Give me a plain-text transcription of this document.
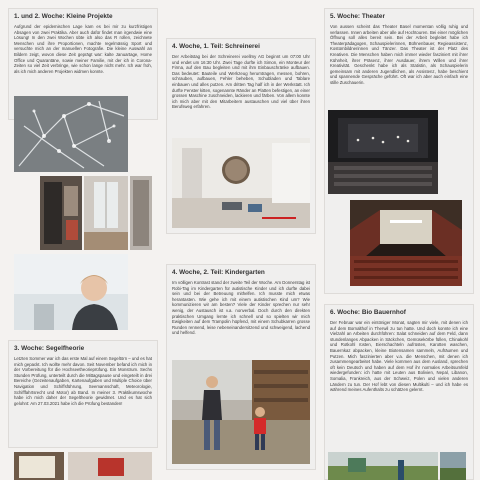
1. und 2. Woche: Kleine Projekte

Aufgrund der epidemischen Lage kam es bei mir zu kurzfristigen Absagen von zwei Praktika. Aber auch dafür findet man irgendwie eine Lösung! In den zwei Wochen übte ich also das R rollen, zeichnete Menschen und ihre Proportionen, machte regelmässig Sport und versuchte mich an der manuellen Fotografie. Die kleine Auswahl an Bildern zeigt, wovon diese Zeit geprägt war: kalte Januartage, Home Office und Quarantäne, sowie meiner Familie, mit der ich in Corona-Zeiten so viel Zeit verbringe, wie schon lange nicht mehr. Ich war froh, als ich mich anderen Projekten widmen konnte.

3. Woche: Segelfheorie

Letzten Sommer war ich das erste Mal auf einem Segeltörn – und es hat mich gepackt. Ich wollte mehr davon. Seit November befand ich mich in der Vorbereitung für die Hochseetheorieprüfung. Ein Monstrum. Sechs Stunden Prüfung, unterteilt durch die Mittagspause und eingeteilt in drei Bereiche (Gezeitenaufgaben, Kartenaufgaben und Multiple Choice über Navigation und Schiffsführung, Seemannschaft, Meteorologie, Schifffahrtsrecht und Motor) ab Band. In meiner 3. Praktikumswoche habe ich mich daher der Segeltheorie gewidmet. Und es hat sich gelohnt: Am 27.03.2021 habe ich die Prüfung bestanden!

4. Woche, 1. Teil: Schreinerei

Der Arbeitstag bei der Schreinerei voellmy AG beginnt um 07:00 Uhr und endet um 16:30 Uhr. Zwei Tage durfte ich Simon, ein Monteur der Firma, auf den Bau begleiten und mit ihm Einbauschränke aufbauen. Das bedeutet: Bauteile und Werkzeug herumtragen, messen, bohren, schrauben, aufbauen, Fehler beheben, Schubladen und Tablare einbauen und alles putzen. Am dritten Tag half ich in der Werkstatt. Ich durfte Fenster kitten, sogenannte Ränder an Platten befestigen, an einer grossen Maschine zuschneiden, lackieren und färben. Von allem konnte ich mich aber mit den Mitarbeitern austauschen und viel über ihren Berufsweg erfahren.

4. Woche, 2. Teil: Kindergarten

Im völligen Kontrast stand der zweite Teil der Woche. Am Donnerstag ist Robi-Tag im Kindergarten für autistische Kinder und ich durfte dabei sein und bei der Betreuung mithelfen. Ich musste mich etwas herantasten. Wie gehe ich mit einem autistischen Kind um? Wie kommunizieren wir am besten? Viele der Kinder sprechen nur sehr wenig, der Austausch ist v.a. nonverbal. Doch durch den direkten praktischen Umgang lernte ich schnell und so spielten wir mich Ewigkeiten auf dem Trampolin hüpfend, mit einem Schubkarren grosse Runden rennend, leise nebeneinandersitzend und schweigend, lachend und helfend.

5. Woche: Theater

Von aussen scheint das Theater Basel momentan völlig ruhig und verlassen. Innen arbeiten aber alle auf Hochtouren. Bei einer möglichen Öffnung soll alles bereit sein. Bei der Arbeit begleitet habe ich Theaterpädagogen, Schauspielerinnen, Bühnenbauer, Regieassistenz, Kostümbildnerinnen und Tänzer. Das Theater ist der Platz des Kreativen. Die Menschen haben mich immer wieder fasziniert mit ihrer Kühnheit, ihrer Präsenz, ihrer Ausdauer, ihrem Willen und ihrer Kreativität. Geschenkt habe ich als Statistin, als Schauspielerin gemeinsam mit anderen Jugendlichen, als Assistenz, habe beschient und spannende Gespräche geführt. Oft war ich aber auch einfach eine stille Zuschauerin.

6. Woche: Bio Bauernhof

Der Februar war ein eintöniger Monat, sagten mir viele, mit denen ich auf dem Bornalthof in Therwil zu tun hatte. Und doch konnte ich eine Vielzahl an Arbeiten durchführen: Salat schneiden auf dem Feld, dann stundenlanges Abpacken in Säckchen, Gemüsekörbe füllen, Chinakohl und Rotkohl rüsten, Eierschachteln aufrüsten, Karotten waschen, Bauernkaz abpacken, kleine Biotensamen sammeln, Aufräumen und Putzen. Mich faszinierten aber v.a. die Menschen, mit denen ich zusammengearbeitet habe. Viele kommen aus dem Ausland, sprechen oft kein Deutsch und haben auf dem Hof ihr normales Arbeitsumfeld wiedergefunden: ich hatte mit Leuten aus Bolivien, Nepal, Libanon, Somalia, Frankreich, aus der Schweiz, Polen und vielen anderen Ländern zu tun. Der Hof lebt von diesen Multikulti – und ich habe es während meines Aufenthalts zu schätzen gelernt.
